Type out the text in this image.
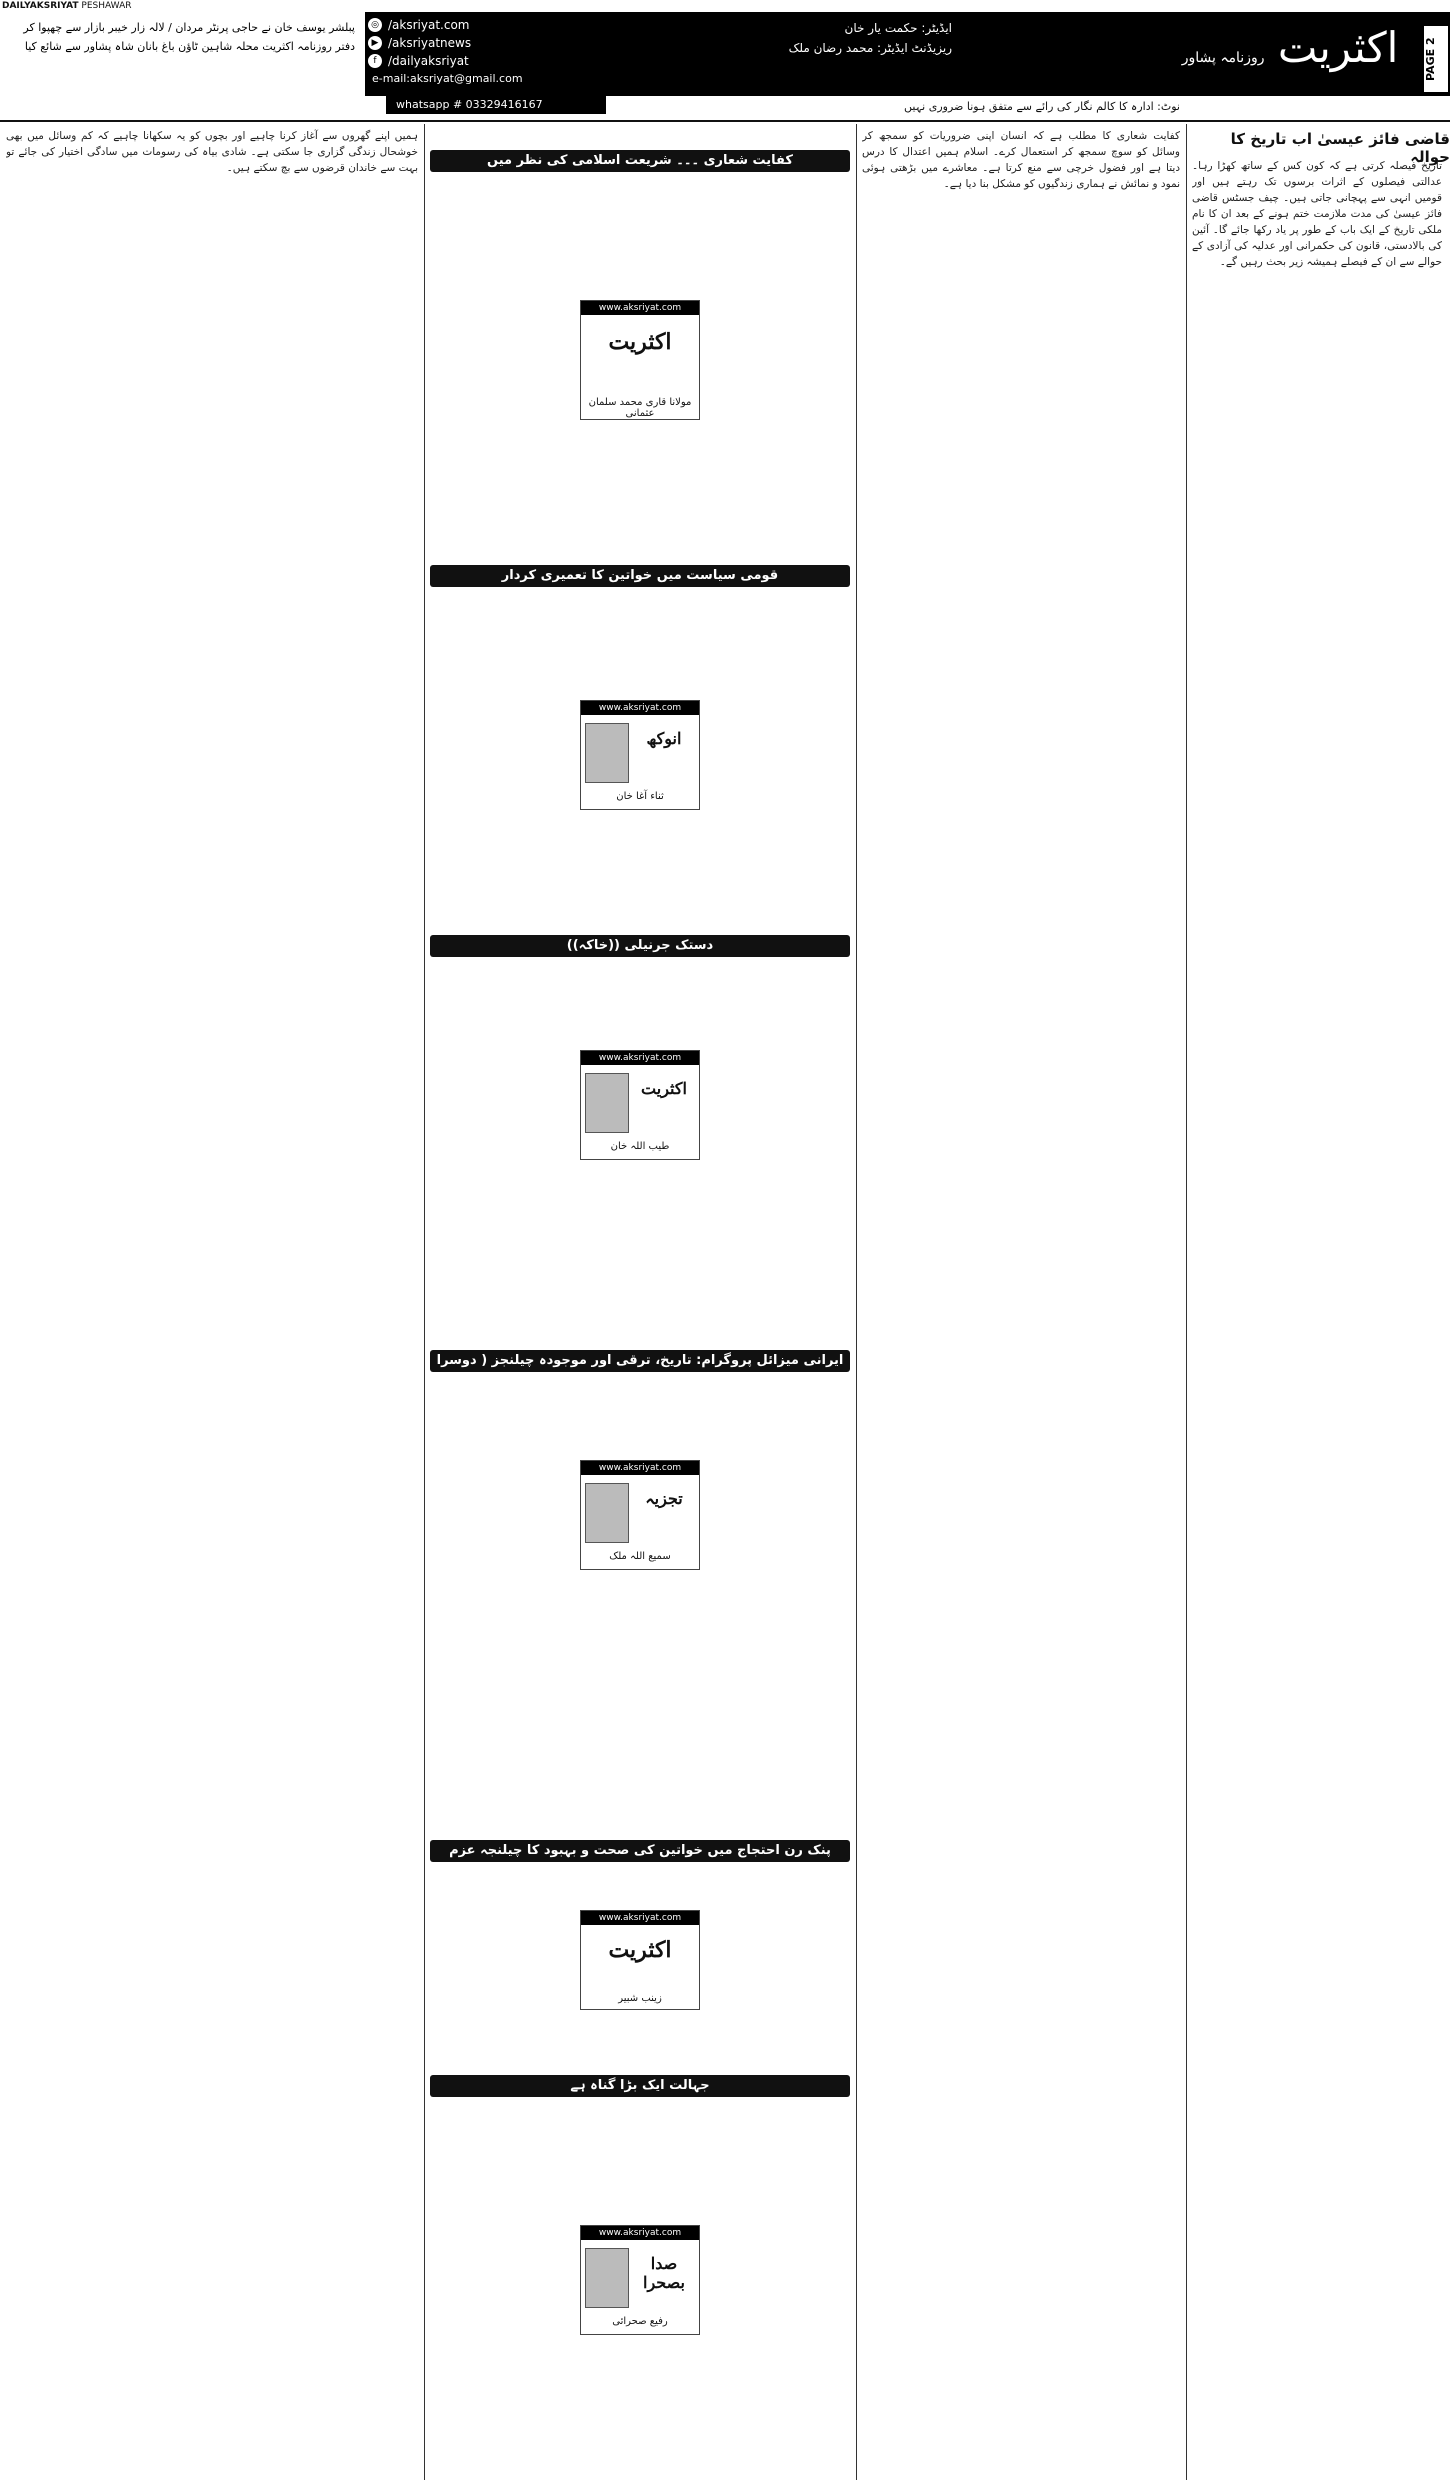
DAILYAKSRIYAT PESHAWAR
پبلشر یوسف خان نے حاجی پرنٹر مردان / لالہ زار خیبر بازار سے چھپوا کر دفتر روزنامہ اکثریت محلہ شاہین ٹاؤن باغ بانان شاہ پشاور سے شائع کیا
◎ /aksriyat.com
▶ /aksriyatnews
f /dailyaksriyat
e-mail:aksriyat@gmail.com
ایڈیٹر: حکمت یار خان
ریزیڈنٹ ایڈیٹر: محمد رضان ملک	اکثریت روزنامہ پشاور	PAGE 2
whatsapp # 03329416167	نوٹ: ادارہ کا کالم نگار کی رائے سے متفق ہونا ضروری نہیں
قاضی فائز عیسیٰ اب تاریخ کا حوالہ
تاریخ فیصلہ کرتی ہے کہ کون کس کے ساتھ کھڑا رہا۔ عدالتی فیصلوں کے اثرات برسوں تک رہتے ہیں اور قومیں انہی سے پہچانی جاتی ہیں۔ چیف جسٹس قاضی فائز عیسیٰ کی مدت ملازمت ختم ہونے کے بعد ان کا نام ملکی تاریخ کے ایک باب کے طور پر یاد رکھا جائے گا۔ آئین کی بالادستی، قانون کی حکمرانی اور عدلیہ کی آزادی کے حوالے سے ان کے فیصلے ہمیشہ زیر بحث رہیں گے۔
کفایت شعاری کا مطلب ہے کہ انسان اپنی ضروریات کو سمجھ کر وسائل کو سوچ سمجھ کر استعمال کرے۔ اسلام ہمیں اعتدال کا درس دیتا ہے اور فضول خرچی سے منع کرتا ہے۔ معاشرے میں بڑھتی ہوئی نمود و نمائش نے ہماری زندگیوں کو مشکل بنا دیا ہے۔
کفایت شعاری ۔۔۔ شریعت اسلامی کی نظر میں
www.aksriyat.com
اکثریت
مولانا قاری محمد سلمان عثمانی
قومی سیاست میں خواتین کا تعمیری کردار
www.aksriyat.com
انوکھ
ثناء آغا خان
دستک جرنیلی ((خاکہ))
www.aksriyat.com
اکثریت
طیب اللہ خان
ایرانی میزائل پروگرام: تاریخ، ترقی اور موجودہ چیلنجز ( دوسرا حصہ )
www.aksriyat.com
تجزیہ
سمیع اللہ ملک
پنک رن احتجاج میں خواتین کی صحت و بہبود کا چیلنجہ عزم
www.aksriyat.com
اکثریت
زینب شبیر
جہالت ایک بڑا گناہ ہے
www.aksriyat.com
صدا بصحرا
رفیع صحرائی
ہمیں اپنے گھروں سے آغاز کرنا چاہیے اور بچوں کو یہ سکھانا چاہیے کہ کم وسائل میں بھی خوشحال زندگی گزاری جا سکتی ہے۔ شادی بیاہ کی رسومات میں سادگی اختیار کی جائے تو بہت سے خاندان قرضوں سے بچ سکتے ہیں۔
